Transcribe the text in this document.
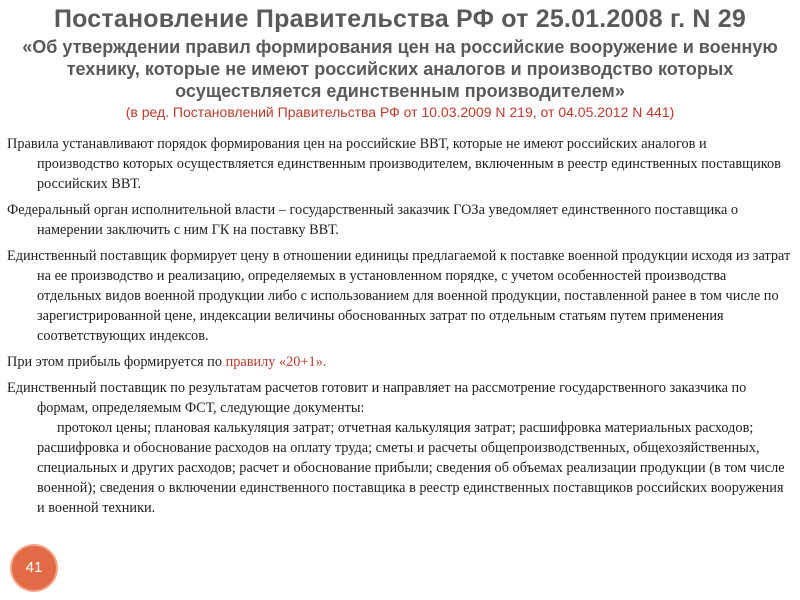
Постановление Правительства РФ от 25.01.2008 г. N 29
«Об утверждении правил формирования цен на российские вооружение и военную технику, которые не имеют российских аналогов и производство которых осуществляется единственным производителем»
(в ред. Постановлений Правительства РФ от 10.03.2009 N 219, от 04.05.2012 N 441)

Правила устанавливают порядок формирования цен на российские ВВТ, которые не имеют российских аналогов и производство которых осуществляется единственным производителем, включенным в реестр единственных поставщиков российских ВВТ.

Федеральный орган исполнительной власти – государственный заказчик ГОЗа уведомляет единственного поставщика о намерении заключить с ним ГК на поставку ВВТ.

Единственный поставщик формирует цену в отношении единицы предлагаемой к поставке военной продукции исходя из затрат на ее производство и реализацию, определяемых в установленном порядке, с учетом особенностей производства отдельных видов военной продукции либо с использованием для военной продукции, поставленной ранее в том числе по зарегистрированной цене, индексации величины обоснованных затрат по отдельным статьям путем применения соответствующих индексов.

При этом прибыль формируется по правилу «20+1».

Единственный поставщик по результатам расчетов готовит и направляет на рассмотрение государственного заказчика по формам, определяемым ФСТ, следующие документы:
протокол цены; плановая калькуляция затрат; отчетная калькуляция затрат; расшифровка материальных расходов; расшифровка и обоснование расходов на оплату труда; сметы и расчеты общепроизводственных, общехозяйственных, специальных и других расходов; расчет и обоснование прибыли; сведения об объемах реализации продукции (в том числе военной); сведения о включении единственного поставщика в реестр единственных поставщиков российских вооружения и военной техники.

41
